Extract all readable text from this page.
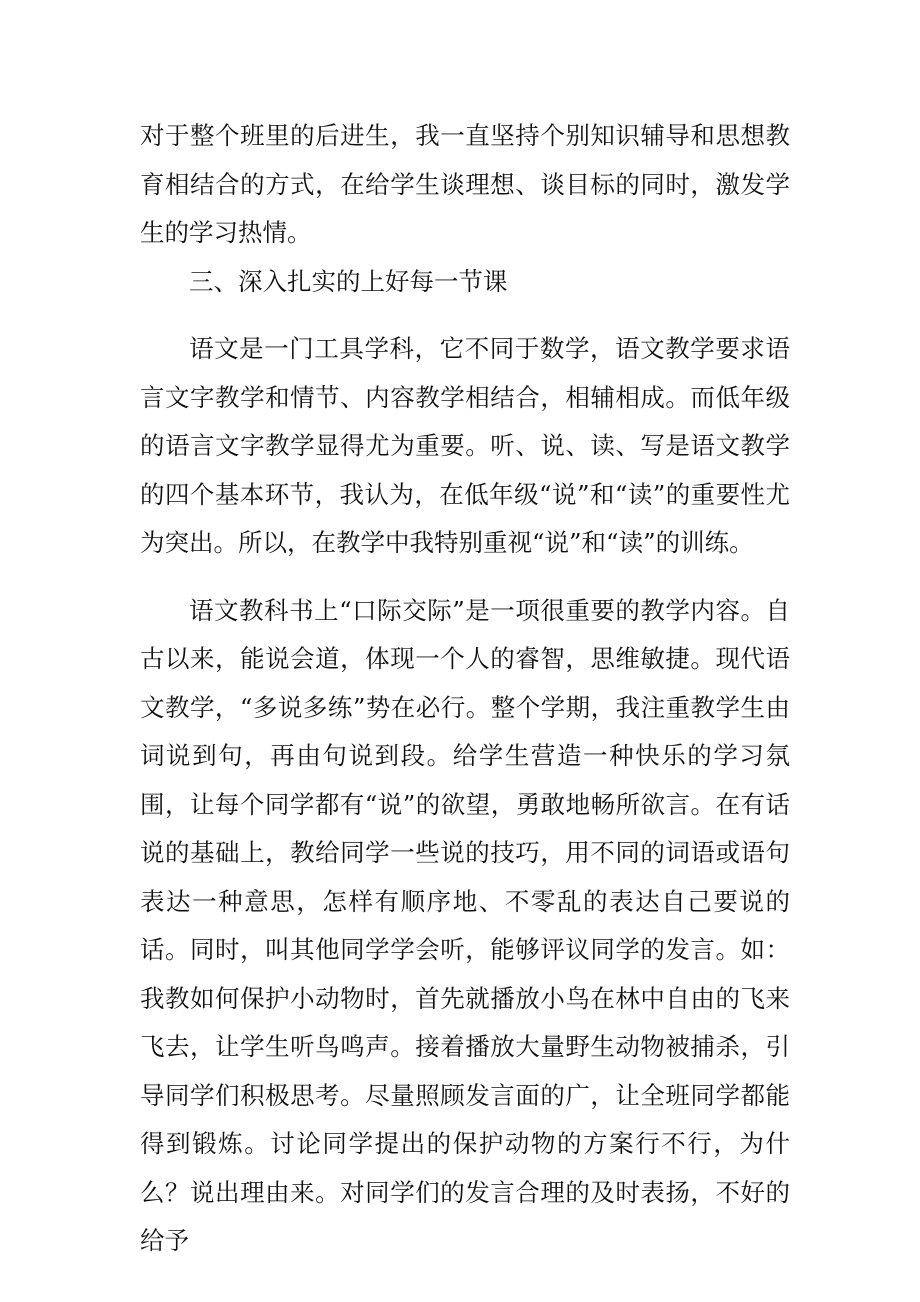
对于整个班里的后进生，我一直坚持个别知识辅导和思想教育相结合的方式，在给学生谈理想、谈目标的同时，激发学生的学习热情。

三、深入扎实的上好每一节课

语文是一门工具学科，它不同于数学，语文教学要求语言文字教学和情节、内容教学相结合，相辅相成。而低年级的语言文字教学显得尤为重要。听、说、读、写是语文教学的四个基本环节，我认为，在低年级“说”和“读”的重要性尤为突出。所以，在教学中我特别重视“说”和“读”的训练。

语文教科书上“口际交际”是一项很重要的教学内容。自古以来，能说会道，体现一个人的睿智，思维敏捷。现代语文教学，“多说多练”势在必行。整个学期，我注重教学生由词说到句，再由句说到段。给学生营造一种快乐的学习氛围，让每个同学都有“说”的欲望，勇敢地畅所欲言。在有话说的基础上，教给同学一些说的技巧，用不同的词语或语句表达一种意思，怎样有顺序地、不零乱的表达自己要说的话。同时，叫其他同学学会听，能够评议同学的发言。如：我教如何保护小动物时，首先就播放小鸟在林中自由的飞来飞去，让学生听鸟鸣声。接着播放大量野生动物被捕杀，引导同学们积极思考。尽量照顾发言面的广，让全班同学都能得到锻炼。讨论同学提出的保护动物的方案行不行，为什么？说出理由来。对同学们的发言合理的及时表扬，不好的给予
